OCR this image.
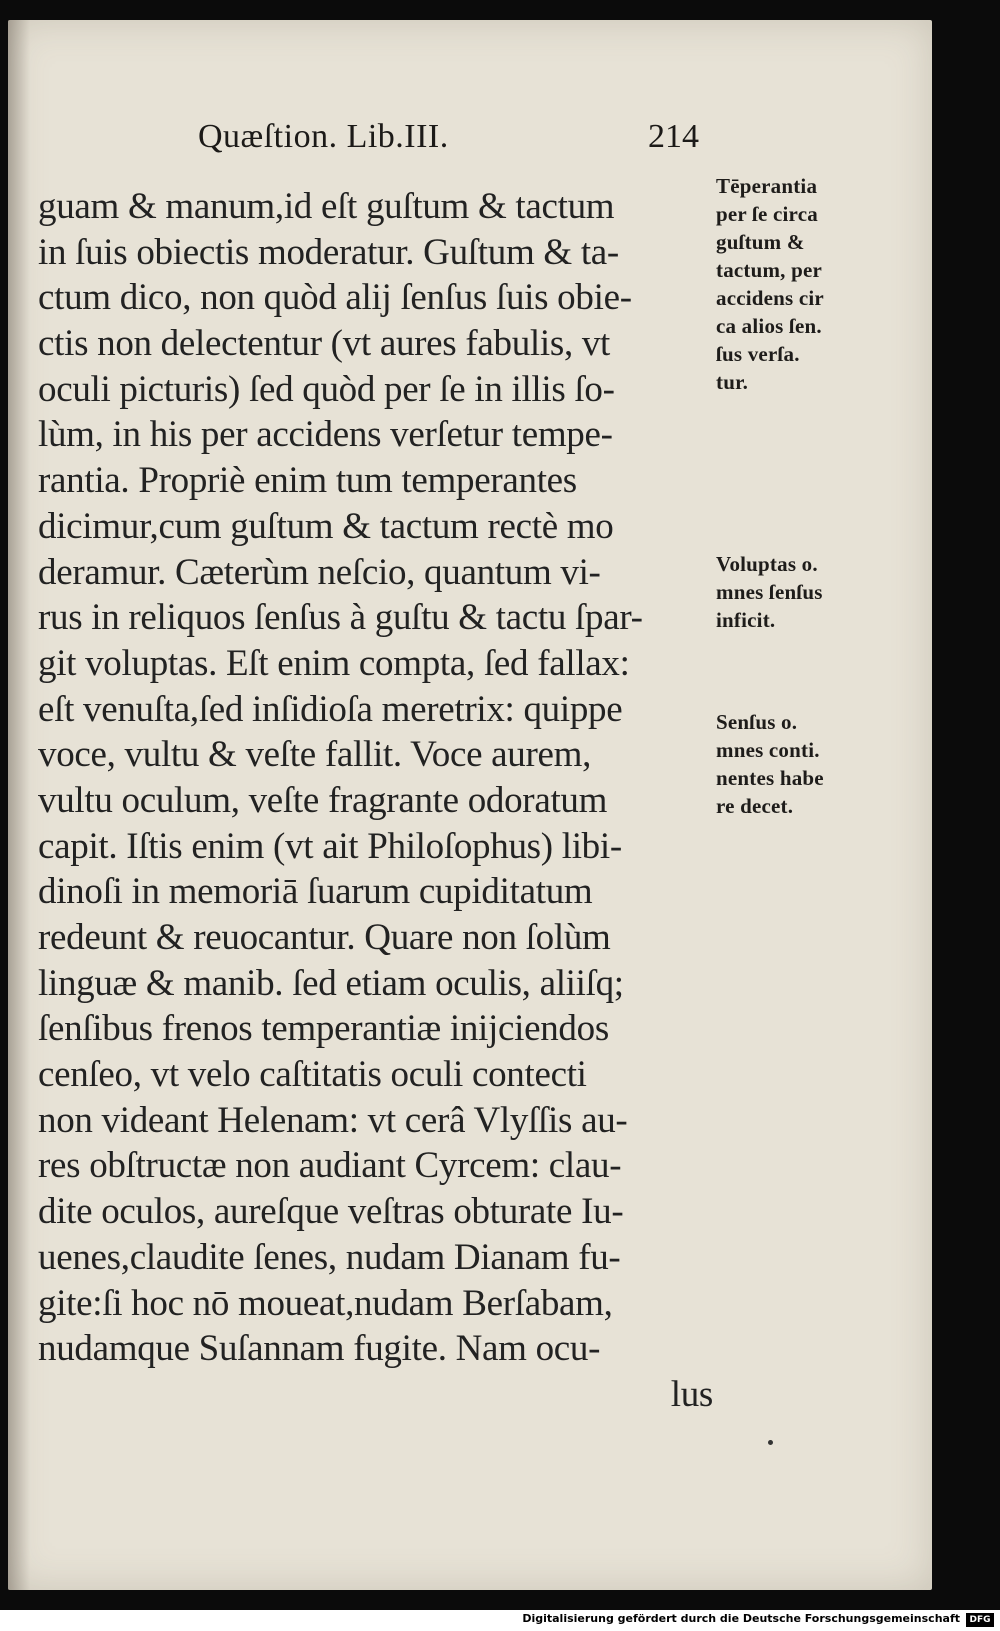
Quæſtion. Lib.III.	214
guam & manum,id eſt guſtum & tactum
in ſuis obiectis moderatur. Guſtum & ta-
ctum dico, non quòd alij ſenſus ſuis obie-
ctis non delectentur (vt aures fabulis, vt
oculi picturis) ſed quòd per ſe in illis ſo-
lùm, in his per accidens verſetur tempe-
rantia. Propriè enim tum temperantes
dicimur,cum guſtum & tactum rectè mo
deramur. Cæterùm neſcio, quantum vi-
rus in reliquos ſenſus à guſtu & tactu ſpar-
git voluptas. Eſt enim compta, ſed fallax:
eſt venuſta,ſed inſidioſa meretrix: quippe
voce, vultu & veſte fallit. Voce aurem,
vultu oculum, veſte fragrante odoratum
capit. Iſtis enim (vt ait Philoſophus) libi-
dinoſi in memoriā ſuarum cupiditatum
redeunt & reuocantur. Quare non ſolùm
linguæ & manib. ſed etiam oculis, aliiſq;
ſenſibus frenos temperantiæ inijciendos
cenſeo, vt velo caſtitatis oculi contecti
non videant Helenam: vt cerâ Vlyſſis au-
res obſtructæ non audiant Cyrcem: clau-
dite oculos, aureſque veſtras obturate Iu-
uenes,claudite ſenes, nudam Dianam fu-
gite:ſi hoc nō moueat,nudam Berſabam,
nudamque Suſannam fugite. Nam ocu-
lus
Tēperantia
per ſe circa
guſtum &
tactum, per
accidens cir
ca alios ſen.
ſus verſa.
tur.
Voluptas o.
mnes ſenſus
inficit.
Senſus o.
mnes conti.
nentes habe
re decet.
Digitalisierung gefördert durch die Deutsche Forschungsgemeinschaft	DFG
